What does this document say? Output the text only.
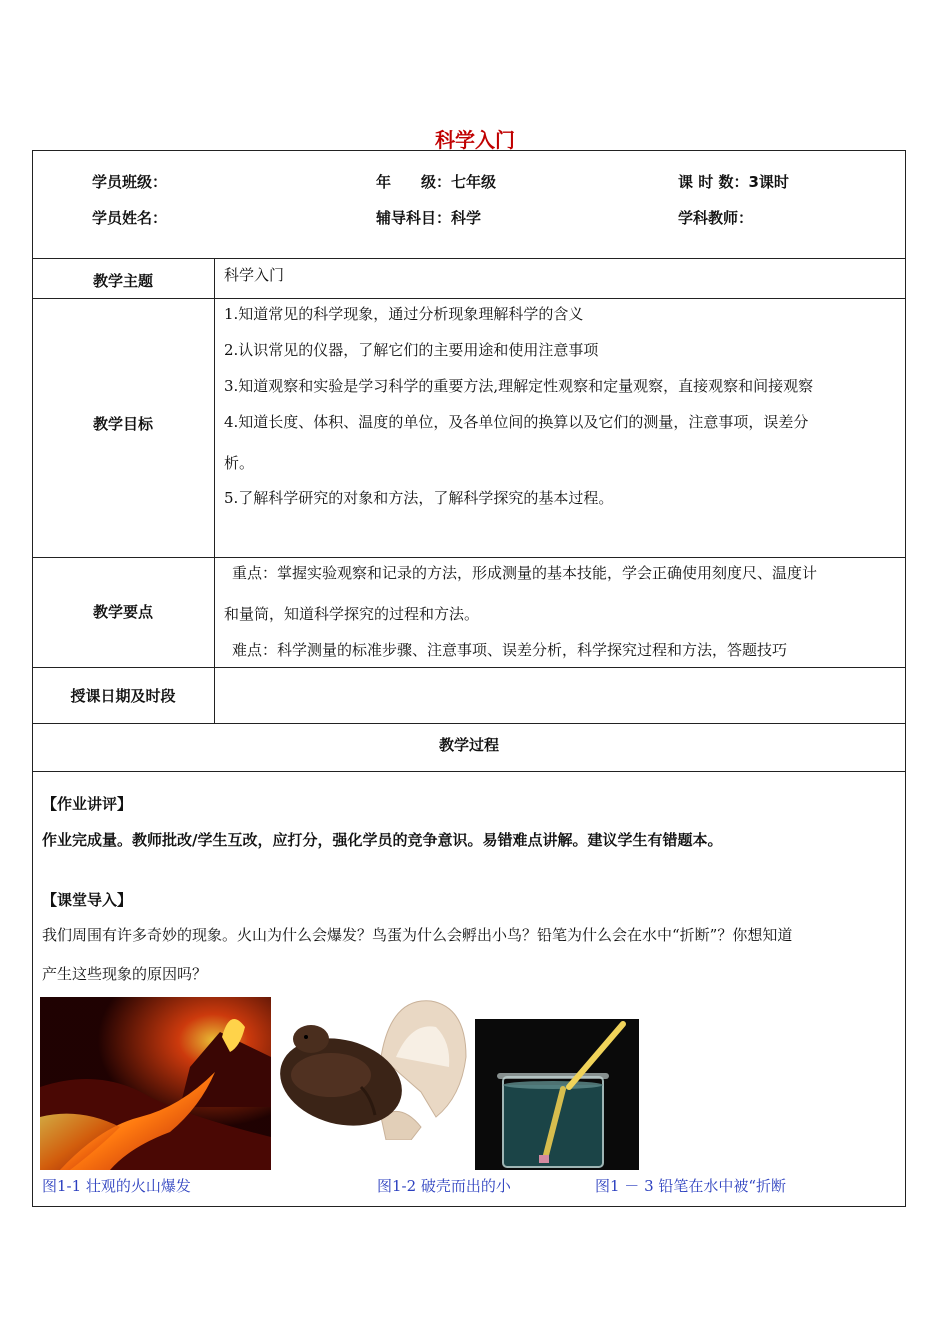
科学入门
学员班级：	年　　级：七年级	课 时 数：3课时
学员姓名：	辅导科目：科学	学科教师：
教学主题	科学入门
教学目标
1.知道常见的科学现象，通过分析现象理解科学的含义
2.认识常见的仪器，了解它们的主要用途和使用注意事项
3.知道观察和实验是学习科学的重要方法,理解定性观察和定量观察，直接观察和间接观察
4.知道长度、体积、温度的单位，及各单位间的换算以及它们的测量，注意事项，误差分
析。
5.了解科学研究的对象和方法，了解科学探究的基本过程。
教学要点
重点：掌握实验观察和记录的方法，形成测量的基本技能，学会正确使用刻度尺、温度计
和量筒，知道科学探究的过程和方法。
难点：科学测量的标准步骤、注意事项、误差分析，科学探究过程和方法，答题技巧
授课日期及时段
教学过程
【作业讲评】
作业完成量。教师批改/学生互改，应打分，强化学员的竞争意识。易错难点讲解。建议学生有错题本。
【课堂导入】
我们周围有许多奇妙的现象。火山为什么会爆发？鸟蛋为什么会孵出小鸟？铅笔为什么会在水中“折断”？你想知道
产生这些现象的原因吗？
图1-1 壮观的火山爆发	图1-2 破壳而出的小	图1 － 3 铅笔在水中被“折断
